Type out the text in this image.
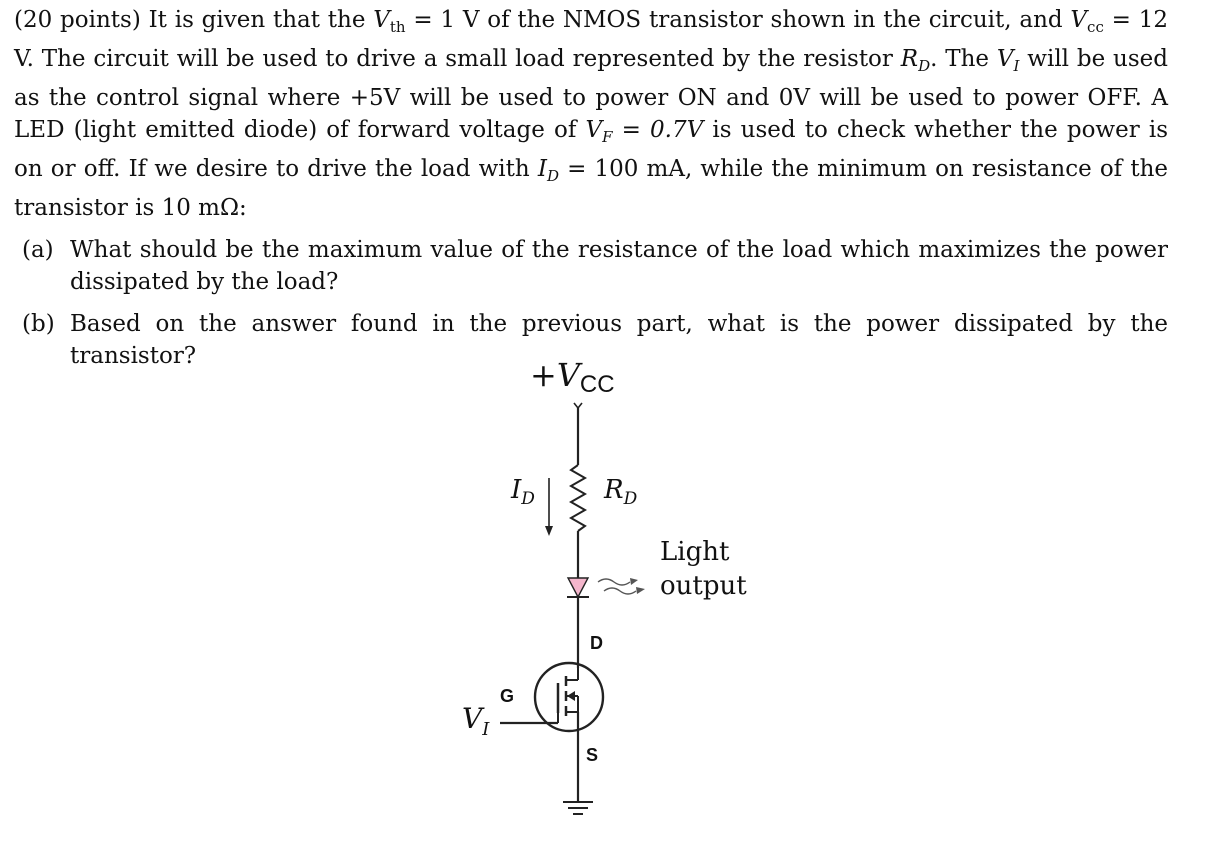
(20 points) It is given that the $V_{th} = 1$ V of the NMOS transistor shown in the circuit, and $V_{cc} = 12$ V. The circuit will be used to drive a small load represented by the resistor $R_D$. The $V_I$ will be used as the control signal where +5V will be used to power ON and 0V will be used to power OFF. A LED (light emitted diode) of forward voltage of $V_F = 0.7V$ is used to check whether the power is on or off. If we desire to drive the load with $I_D = 100$ mA, while the minimum on resistance of the transistor is 10 mΩ:

(a) What should be the maximum value of the resistance of the load which maximizes the power dissipated by the load?
(b) Based on the answer found in the previous part, what is the power dissipated by the transistor?	+VCC
$I_D$	$R_D$
Light
output
D
G
$V_I$
S
